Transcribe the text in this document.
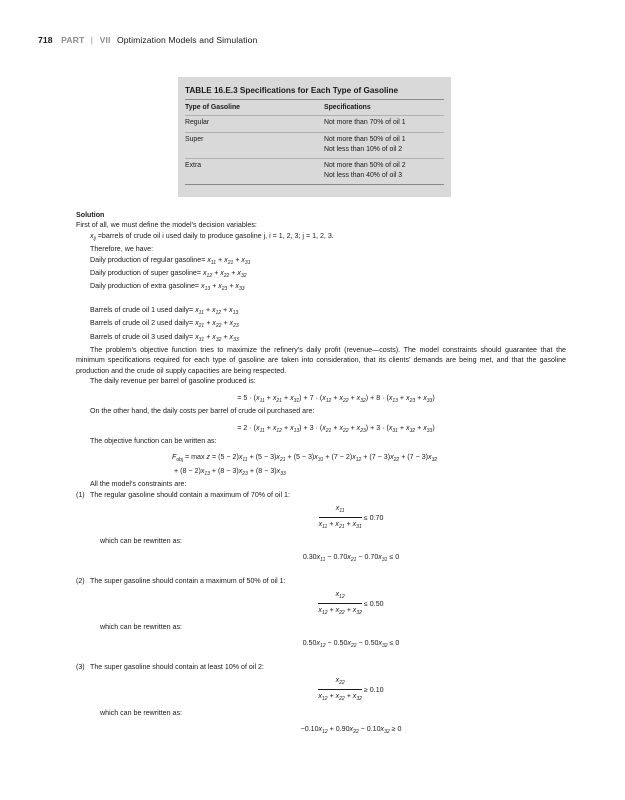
718 PART | VII Optimization Models and Simulation
TABLE 16.E.3 Specifications for Each Type of Gasoline
Type of Gasoline	Specifications
Regular	Not more than 70% of oil 1
Super	Not more than 50% of oil 1
Not less than 10% of oil 2
Extra	Not more than 50% of oil 2
Not less than 40% of oil 3

Solution

First of all, we must define the model’s decision variables:

$x_{ij}$ =barrels of crude oil i used daily to produce gasoline j, i = 1, 2, 3; j = 1, 2, 3.

Therefore, we have:

Daily production of regular gasoline= $x_{11} + x_{21} + x_{31}$

Daily production of super gasoline= $x_{12} + x_{22} + x_{32}$

Daily production of extra gasoline= $x_{13} + x_{23} + x_{33}$

Barrels of crude oil 1 used daily= $x_{11} + x_{12} + x_{13}$

Barrels of crude oil 2 used daily= $x_{21} + x_{22} + x_{23}$

Barrels of crude oil 3 used daily= $x_{31} + x_{32} + x_{33}$

The problem’s objective function tries to maximize the refinery’s daily profit (revenue—costs). The model constraints should guarantee that the minimum specifications required for each type of gasoline are taken into consideration, that its clients’ demands are being met, and that the gasoline production and the crude oil supply capacities are being respected.

The daily revenue per barrel of gasoline produced is:

= $5 \cdot (x_{11} + x_{21} + x_{31}) + 7 \cdot (x_{12} + x_{22} + x_{32}) + 8 \cdot (x_{13} + x_{23} + x_{33})$

On the other hand, the daily costs per barrel of crude oil purchased are:

= $2 \cdot (x_{11} + x_{12} + x_{13}) + 3 \cdot (x_{21} + x_{22} + x_{23}) + 3 \cdot (x_{31} + x_{32} + x_{33})$

The objective function can be written as:

$F_{obj} = \max z = (5 - 2)x_{11} + (5 - 3)x_{21} + (5 - 3)x_{31} + (7 - 2)x_{12} + (7 - 3)x_{22} + (7 - 3)x_{32}$

+ $(8 - 2)x_{13} + (8 - 3)x_{23} + (8 - 3)x_{33}$

All the model’s constraints are:

(1) The regular gasoline should contain a maximum of 70% of oil 1:

$\frac{x_{11}}{x_{11} + x_{21} + x_{31}} \le 0.70$

which can be rewritten as:

$0.30x_{11} - 0.70x_{21} - 0.70x_{31} \le 0$

(2) The super gasoline should contain a maximum of 50% of oil 1:

$\frac{x_{12}}{x_{12} + x_{22} + x_{32}} \le 0.50$

which can be rewritten as:

$0.50x_{12} - 0.50x_{22} - 0.50x_{32} \le 0$

(3) The super gasoline should contain at least 10% of oil 2:

$\frac{x_{22}}{x_{12} + x_{22} + x_{32}} \ge 0.10$

which can be rewritten as:

$-0.10x_{12} + 0.90x_{22} - 0.10x_{32} \ge 0$
